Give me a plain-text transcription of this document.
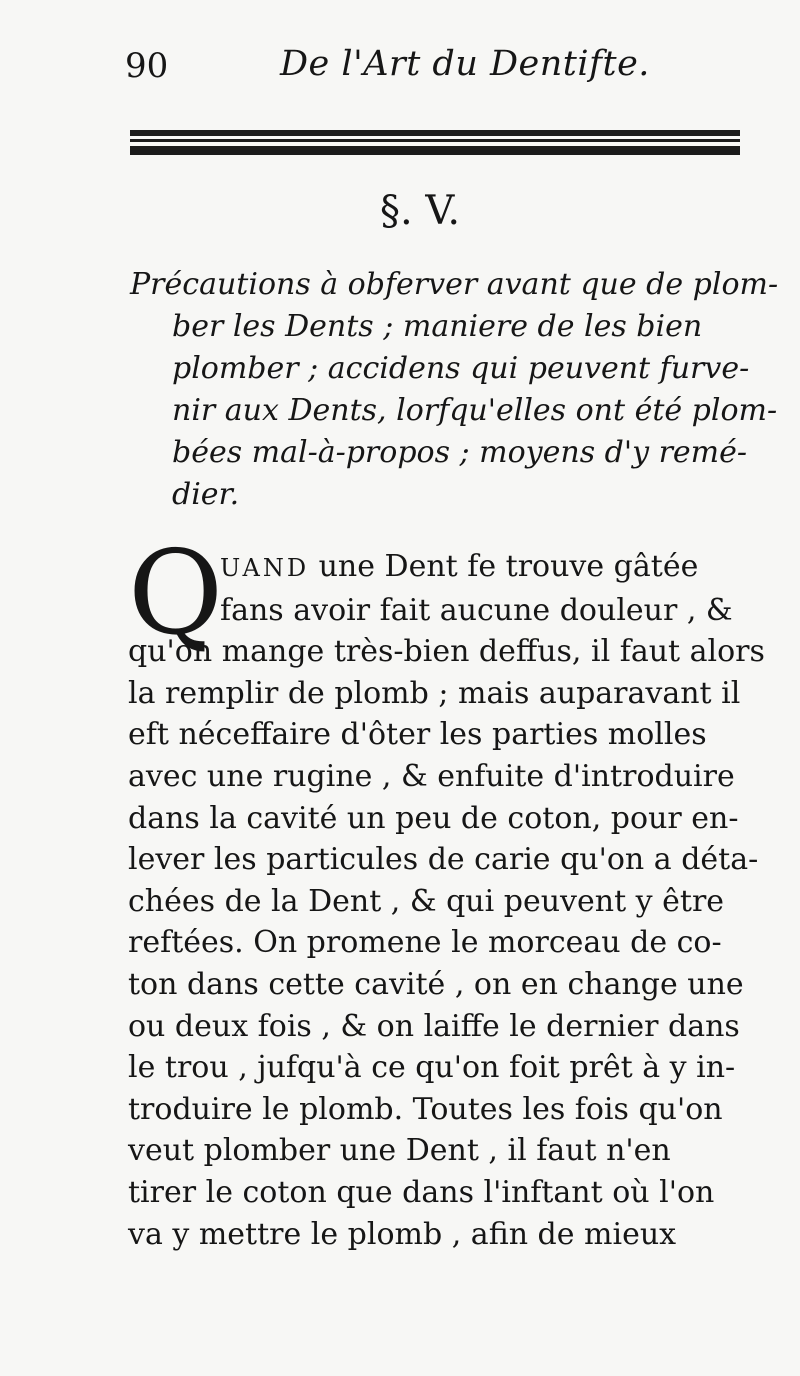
90	De l'Art du Dentifte.
§. V.
Précautions à obferver avant que de plom-
ber les Dents ; maniere de les bien
plomber ; accidens qui peuvent furve-
nir aux Dents, lorfqu'elles ont été plom-
bées mal-à-propos ; moyens d'y remé-
dier.
Q
UAND une Dent fe trouve gâtée
fans avoir fait aucune douleur , &
qu'on mange très-bien deffus, il faut alors
la remplir de plomb ; mais auparavant il
eft néceffaire d'ôter les parties molles
avec une rugine , & enfuite d'introduire
dans la cavité un peu de coton, pour en-
lever les particules de carie qu'on a déta-
chées de la Dent , & qui peuvent y être
reftées. On promene le morceau de co-
ton dans cette cavité , on en change une
ou deux fois , & on laiffe le dernier dans
le trou , jufqu'à ce qu'on foit prêt à y in-
troduire le plomb. Toutes les fois qu'on
veut plomber une Dent , il faut n'en
tirer le coton que dans l'inftant où l'on
va y mettre le plomb , afin de mieux
